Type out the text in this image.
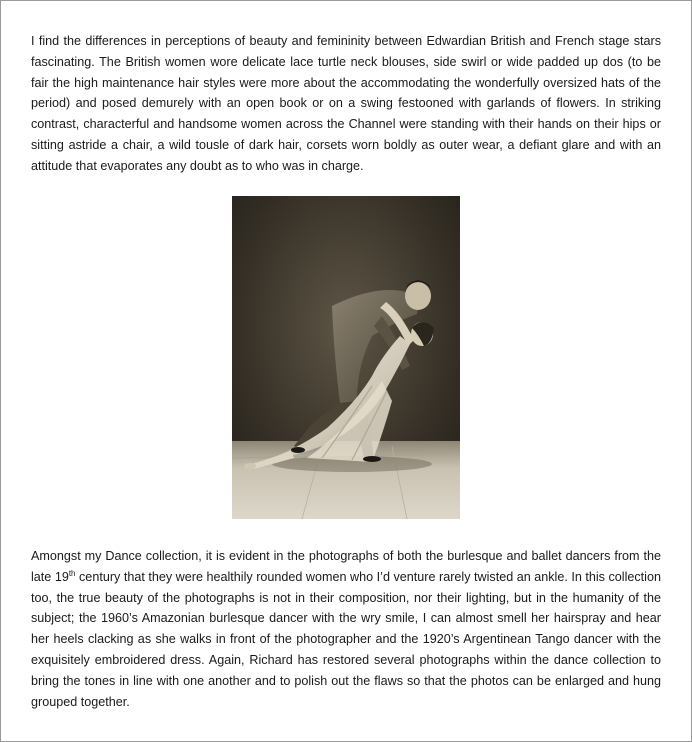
I find the differences in perceptions of beauty and femininity between Edwardian British and French stage stars fascinating. The British women wore delicate lace turtle neck blouses, side swirl or wide padded up dos (to be fair the high maintenance hair styles were more about the accommodating the wonderfully oversized hats of the period) and posed demurely with an open book or on a swing festooned with garlands of flowers. In striking contrast, characterful and handsome women across the Channel were standing with their hands on their hips or sitting astride a chair, a wild tousle of dark hair, corsets worn boldly as outer wear, a defiant glare and with an attitude that evaporates any doubt as to who was in charge.

Amongst my Dance collection, it is evident in the photographs of both the burlesque and ballet dancers from the late 19th century that they were healthily rounded women who I’d venture rarely twisted an ankle. In this collection too, the true beauty of the photographs is not in their composition, nor their lighting, but in the humanity of the subject; the 1960’s Amazonian burlesque dancer with the wry smile, I can almost smell her hairspray and hear her heels clacking as she walks in front of the photographer and the 1920’s Argentinean Tango dancer with the exquisitely embroidered dress. Again, Richard has restored several photographs within the dance collection to bring the tones in line with one another and to polish out the flaws so that the photos can be enlarged and hung grouped together.
